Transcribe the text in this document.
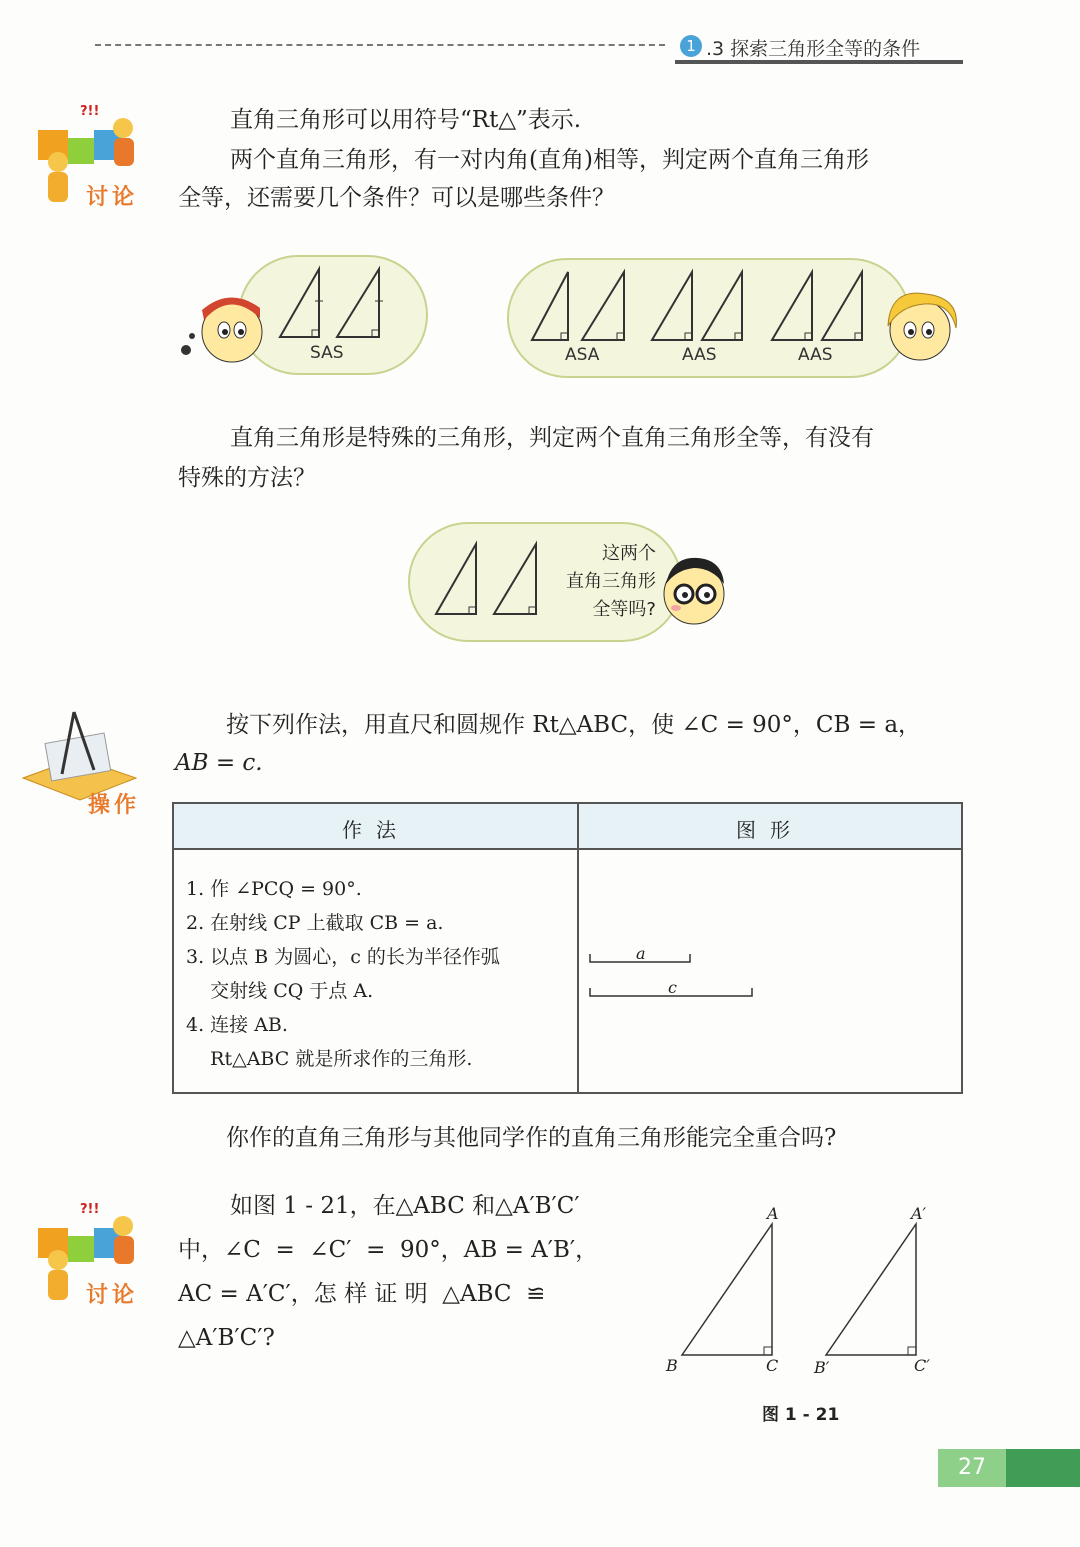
1 .3 探索三角形全等的条件
?!!
讨论
直角三角形可以用符号“Rt△”表示.
两个直角三角形，有一对内角(直角)相等，判定两个直角三角形
全等，还需要几个条件？可以是哪些条件？
SAS	ASA	AAS	AAS
直角三角形是特殊的三角形，判定两个直角三角形全等，有没有
特殊的方法？
这两个
直角三角形
全等吗?
操作
按下列作法，用直尺和圆规作 Rt△ABC，使 ∠C = 90°，CB = a，
AB = c.
作法	图形
1. 作 ∠PCQ = 90°.
2. 在射线 CP 上截取 CB = a.
3. 以点 B 为圆心，c 的长为半径作弧
交射线 CQ 于点 A.
4. 连接 AB.
Rt△ABC 就是所求作的三角形.
a
c
你作的直角三角形与其他同学作的直角三角形能完全重合吗?
?!!
讨论
如图 1 - 21，在△ABC 和△A′B′C′
中，∠C  =  ∠C′  =  90°，AB = A′B′，
AC = A′C′，怎 样 证 明  △ABC  ≌
△A′B′C′?
A
B	C
A′
B′	C′
图 1 - 21
27
